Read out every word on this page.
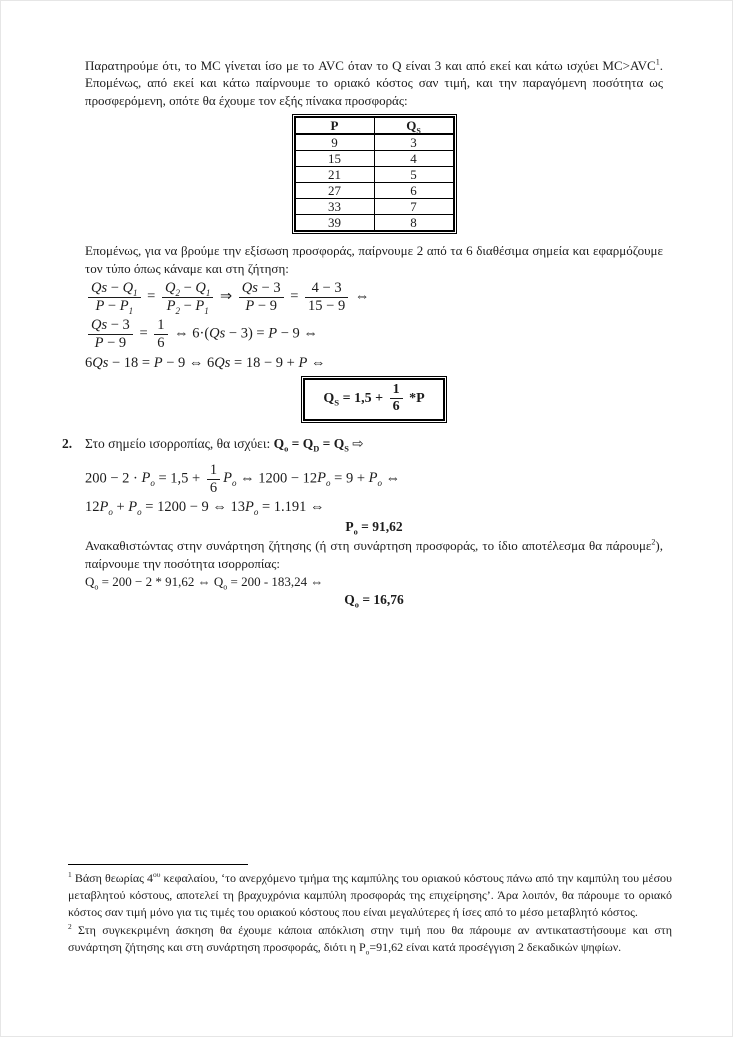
Παρατηρούμε ότι, το MC γίνεται ίσο με το AVC όταν το Q είναι 3 και από εκεί και κάτω ισχύει $MC>AVC^1$. Επομένως, από εκεί και κάτω παίρνουμε το οριακό κόστος σαν τιμή, και την παραγόμενη ποσότητα ως προσφερόμενη, οπότε θα έχουμε τον εξής πίνακα προσφοράς:

P	$Q_S$
9	3
15	4
21	5
27	6
33	7
39	8

Επομένως, για να βρούμε την εξίσωση προσφοράς, παίρνουμε 2 από τα 6 διαθέσιμα σημεία και εφαρμόζουμε τον τύπο όπως κάναμε και στη ζήτηση:

$\frac{Qs - Q_1}{P - P_1} = \frac{Q_2 - Q_1}{P_2 - P_1}$ ⇒ $\frac{Qs - 3}{P - 9} = \frac{4 - 3}{15 - 9}$ ⇔
$\frac{Qs - 3}{P - 9} = \frac{1}{6}$ ⇔ 6·(Qs − 3) = P − 9 ⇔
6Qs − 18 = P − 9 ⇔ 6Qs = 18 − 9 + P ⇔
$Q_S = 1,5 + \frac{1}{6} *P$
2. Στο σημείο ισορροπίας, θα ισχύει: $Q_o = Q_D = Q_S$ ⇨
$200 - 2 \cdot P_o = 1,5 + \frac{1}{6} P_o$ ⇔ $1200 - 12P_o = 9 + P_o$ ⇔
$12P_o + P_o = 1200 - 9$ ⇔ $13P_o = 1.191$ ⇔
$P_o = 91,62$

Ανακαθιστώντας στην συνάρτηση ζήτησης (ή στη συνάρτηση προσφοράς, το ίδιο αποτέλεσμα θα πάρουμε$^2$), παίρνουμε την ποσότητα ισορροπίας:

$Q_o = 200 - 2 * 91,62$ ⇔ $Q_o = 200 - 183,24$ ⇔
$Q_o = 16,76$

$^1$ Βάση θεωρίας $4^{o\upsilon}$ κεφαλαίου, ‘το ανερχόμενο τμήμα της καμπύλης του οριακού κόστους πάνω από την καμπύλη του μέσου μεταβλητού κόστους, αποτελεί τη βραχυχρόνια καμπύλη προσφοράς της επιχείρησης’. Άρα λοιπόν, θα πάρουμε το οριακό κόστος σαν τιμή μόνο για τις τιμές του οριακού κόστους που είναι μεγαλύτερες ή ίσες από το μέσο μεταβλητό κόστος.

$^2$ Στη συγκεκριμένη άσκηση θα έχουμε κάποια απόκλιση στην τιμή που θα πάρουμε αν αντικαταστήσουμε και στη συνάρτηση ζήτησης και στη συνάρτηση προσφοράς, διότι η $P_o=91,62$ είναι κατά προσέγγιση 2 δεκαδικών ψηφίων.
